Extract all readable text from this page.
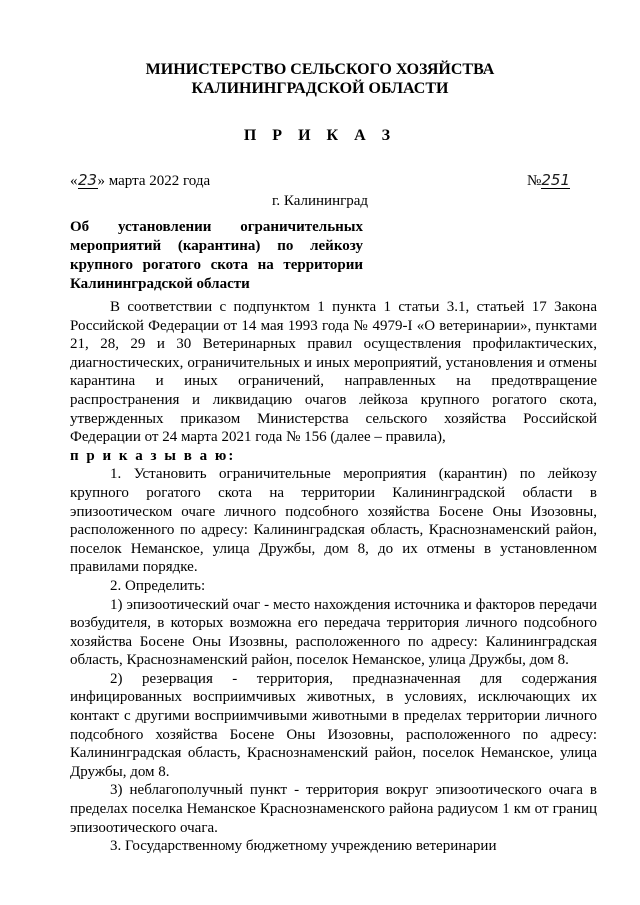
МИНИСТЕРСТВО СЕЛЬСКОГО ХОЗЯЙСТВА
КАЛИНИНГРАДСКОЙ ОБЛАСТИ
П Р И К А З
«23» марта 2022 года	№251
г. Калининград
Об установлении ограничительных мероприятий (карантина) по лейкозу крупного рогатого скота на территории Калининградской области

В соответствии с подпунктом 1 пункта 1 статьи 3.1, статьей 17 Закона Российской Федерации от 14 мая 1993 года № 4979-I «О ветеринарии», пунктами 21, 28, 29 и 30 Ветеринарных правил осуществления профилактических, диагностических, ограничительных и иных мероприятий, установления и отмены карантина и иных ограничений, направленных на предотвращение распространения и ликвидацию очагов лейкоза крупного рогатого скота, утвержденных приказом Министерства сельского хозяйства Российской Федерации от 24 марта 2021 года № 156 (далее – правила),

п р и к а з ы в а ю:

1. Установить ограничительные мероприятия (карантин) по лейкозу крупного рогатого скота на территории Калининградской области в эпизоотическом очаге личного подсобного хозяйства Босене Оны Изозовны, расположенного по адресу: Калининградская область, Краснознаменский район, поселок Неманское, улица Дружбы, дом 8, до их отмены в установленном правилами порядке.

2. Определить:

1) эпизоотический очаг - место нахождения источника и факторов передачи возбудителя, в которых возможна его передача территория личного подсобного хозяйства Босене Оны Изозвны, расположенного по адресу: Калининградская область, Краснознаменский район, поселок Неманское, улица Дружбы, дом 8.

2) резервация - территория, предназначенная для содержания инфицированных восприимчивых животных, в условиях, исключающих их контакт с другими восприимчивыми животными в пределах территории личного подсобного хозяйства Босене Оны Изозовны, расположенного по адресу: Калининградская область, Краснознаменский район, поселок Неманское, улица Дружбы, дом 8.

3) неблагополучный пункт - территория вокруг эпизоотического очага в пределах поселка Неманское Краснознаменского района радиусом 1 км от границ эпизоотического очага.

3. Государственному бюджетному учреждению ветеринарии
